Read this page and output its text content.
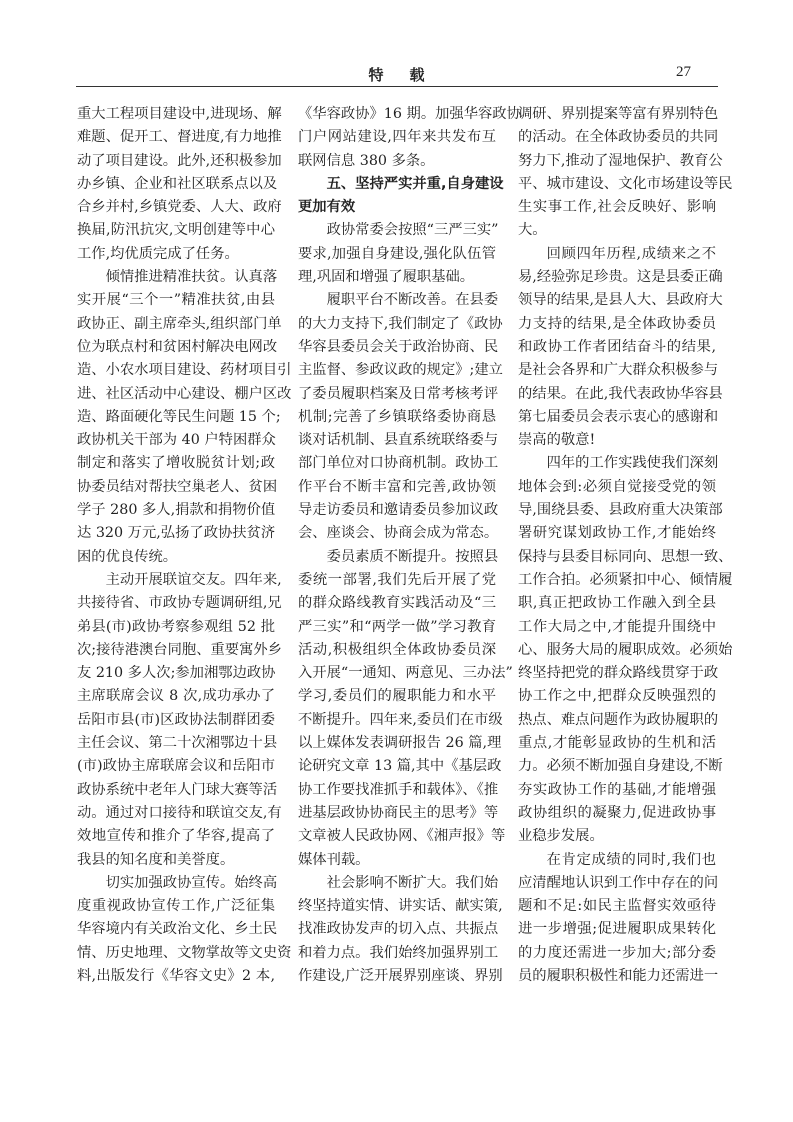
特载	27
重大工程项目建设中,进现场、解
难题、促开工、督进度,有力地推
动了项目建设。此外,还积极参加
办乡镇、企业和社区联系点以及
合乡并村,乡镇党委、人大、政府
换届,防汛抗灾,文明创建等中心
工作,均优质完成了任务。
倾情推进精准扶贫。认真落
实开展“三个一”精准扶贫,由县
政协正、副主席牵头,组织部门单
位为联点村和贫困村解决电网改
造、小农水项目建设、药材项目引
进、社区活动中心建设、棚户区改
造、路面硬化等民生问题 15 个;
政协机关干部为 40 户特困群众
制定和落实了增收脱贫计划;政
协委员结对帮扶空巢老人、贫困
学子 280 多人,捐款和捐物价值
达 320 万元,弘扬了政协扶贫济
困的优良传统。
主动开展联谊交友。四年来,
共接待省、市政协专题调研组,兄
弟县(市)政协考察参观组 52 批
次;接待港澳台同胞、重要寓外乡
友 210 多人次;参加湘鄂边政协
主席联席会议 8 次,成功承办了
岳阳市县(市)区政协法制群团委
主任会议、第二十次湘鄂边十县
(市)政协主席联席会议和岳阳市
政协系统中老年人门球大赛等活
动。通过对口接待和联谊交友,有
效地宣传和推介了华容,提高了
我县的知名度和美誉度。
切实加强政协宣传。始终高
度重视政协宣传工作,广泛征集
华容境内有关政治文化、乡土民
情、历史地理、文物掌故等文史资
料,出版发行《华容文史》2 本,
《华容政协》16 期。加强华容政协
门户网站建设,四年来共发布互
联网信息 380 多条。
五、坚持严实并重,自身建设
更加有效
政协常委会按照“三严三实”
要求,加强自身建设,强化队伍管
理,巩固和增强了履职基础。
履职平台不断改善。在县委
的大力支持下,我们制定了《政协
华容县委员会关于政治协商、民
主监督、参政议政的规定》;建立
了委员履职档案及日常考核考评
机制;完善了乡镇联络委协商恳
谈对话机制、县直系统联络委与
部门单位对口协商机制。政协工
作平台不断丰富和完善,政协领
导走访委员和邀请委员参加议政
会、座谈会、协商会成为常态。
委员素质不断提升。按照县
委统一部署,我们先后开展了党
的群众路线教育实践活动及“三
严三实”和“两学一做”学习教育
活动,积极组织全体政协委员深
入开展“一通知、两意见、三办法”
学习,委员们的履职能力和水平
不断提升。四年来,委员们在市级
以上媒体发表调研报告 26 篇,理
论研究文章 13 篇,其中《基层政
协工作要找准抓手和载体》、《推
进基层政协协商民主的思考》等
文章被人民政协网、《湘声报》等
媒体刊载。
社会影响不断扩大。我们始
终坚持道实情、讲实话、献实策,
找准政协发声的切入点、共振点
和着力点。我们始终加强界别工
作建设,广泛开展界别座谈、界别
调研、界别提案等富有界别特色
的活动。在全体政协委员的共同
努力下,推动了湿地保护、教育公
平、城市建设、文化市场建设等民
生实事工作,社会反映好、影响
大。
回顾四年历程,成绩来之不
易,经验弥足珍贵。这是县委正确
领导的结果,是县人大、县政府大
力支持的结果,是全体政协委员
和政协工作者团结奋斗的结果,
是社会各界和广大群众积极参与
的结果。在此,我代表政协华容县
第七届委员会表示衷心的感谢和
崇高的敬意!
四年的工作实践使我们深刻
地体会到:必须自觉接受党的领
导,围绕县委、县政府重大决策部
署研究谋划政协工作,才能始终
保持与县委目标同向、思想一致、
工作合拍。必须紧扣中心、倾情履
职,真正把政协工作融入到全县
工作大局之中,才能提升围绕中
心、服务大局的履职成效。必须始
终坚持把党的群众路线贯穿于政
协工作之中,把群众反映强烈的
热点、难点问题作为政协履职的
重点,才能彰显政协的生机和活
力。必须不断加强自身建设,不断
夯实政协工作的基础,才能增强
政协组织的凝聚力,促进政协事
业稳步发展。
在肯定成绩的同时,我们也
应清醒地认识到工作中存在的问
题和不足:如民主监督实效亟待
进一步增强;促进履职成果转化
的力度还需进一步加大;部分委
员的履职积极性和能力还需进一
